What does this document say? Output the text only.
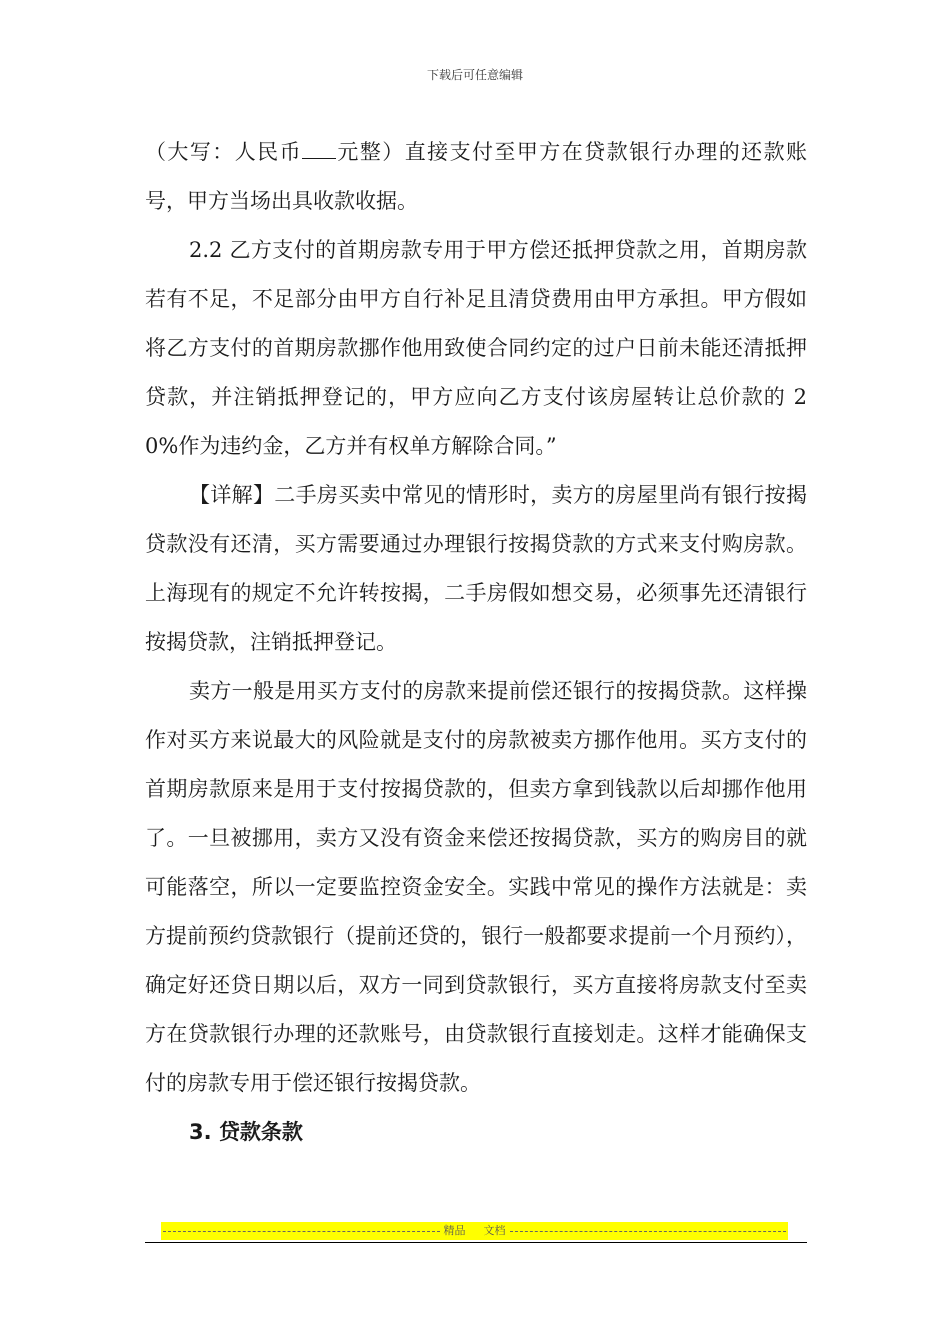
下载后可任意编辑

（大写：人民币 元整）直接支付至甲方在贷款银行办理的还款账号，甲方当场出具收款收据。

2.2 乙方支付的首期房款专用于甲方偿还抵押贷款之用，首期房款若有不足，不足部分由甲方自行补足且清贷费用由甲方承担。甲方假如将乙方支付的首期房款挪作他用致使合同约定的过户日前未能还清抵押贷款，并注销抵押登记的，甲方应向乙方支付该房屋转让总价款的 20%作为违约金，乙方并有权单方解除合同。”

【详解】二手房买卖中常见的情形时，卖方的房屋里尚有银行按揭贷款没有还清，买方需要通过办理银行按揭贷款的方式来支付购房款。上海现有的规定不允许转按揭，二手房假如想交易，必须事先还清银行按揭贷款，注销抵押登记。

卖方一般是用买方支付的房款来提前偿还银行的按揭贷款。这样操作对买方来说最大的风险就是支付的房款被卖方挪作他用。买方支付的首期房款原来是用于支付按揭贷款的，但卖方拿到钱款以后却挪作他用了。一旦被挪用，卖方又没有资金来偿还按揭贷款，买方的购房目的就可能落空，所以一定要监控资金安全。实践中常见的操作方法就是：卖方提前预约贷款银行（提前还贷的，银行一般都要求提前一个月预约），确定好还贷日期以后，双方一同到贷款银行，买方直接将房款支付至卖方在贷款银行办理的还款账号，由贷款银行直接划走。这样才能确保支付的房款专用于偿还银行按揭贷款。

3. 贷款条款

精品 文档
